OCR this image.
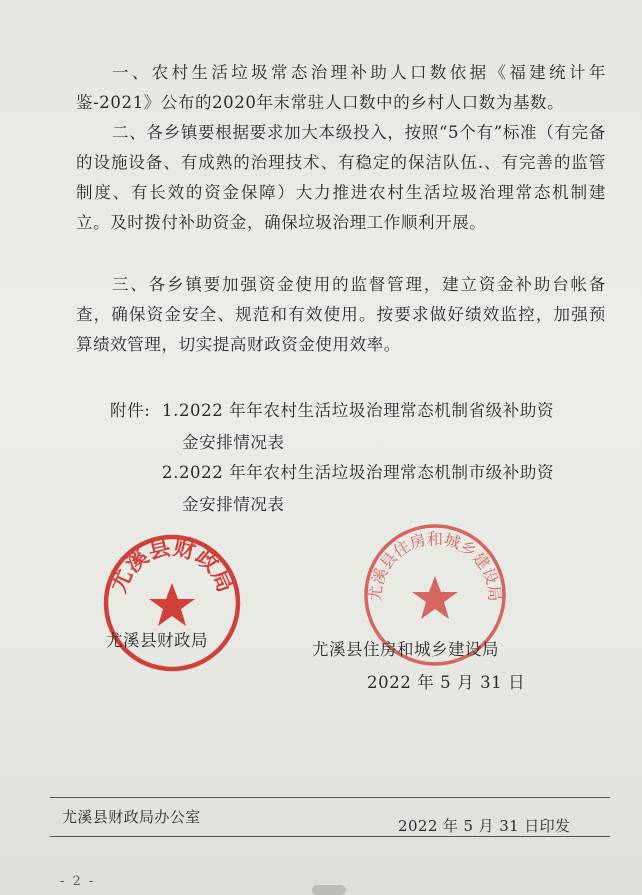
一、农村生活垃圾常态治理补助人口数依据《福建统计年鉴-2021》公布的2020年末常驻人口数中的乡村人口数为基数。

二、各乡镇要根据要求加大本级投入，按照“5个有”标准（有完备的设施设备、有成熟的治理技术、有稳定的保洁队伍.、有完善的监管制度、有长效的资金保障）大力推进农村生活垃圾治理常态机制建立。及时拨付补助资金，确保垃圾治理工作顺利开展。

三、各乡镇要加强资金使用的监督管理，建立资金补助台帐备查，确保资金安全、规范和有效使用。按要求做好绩效监控，加强预算绩效管理，切实提高财政资金使用效率。

附件: 1.2022 年年农村生活垃圾治理常态机制省级补助资
金安排情况表
2.2022 年年农村生活垃圾治理常态机制市级补助资
金安排情况表
尤溪县财政局	尤溪县住房和城乡建设局
尤溪县财政局	尤溪县住房和城乡建设局
2022 年 5 月 31 日
尤溪县财政局办公室	2022 年 5 月 31 日印发
- 2 -
